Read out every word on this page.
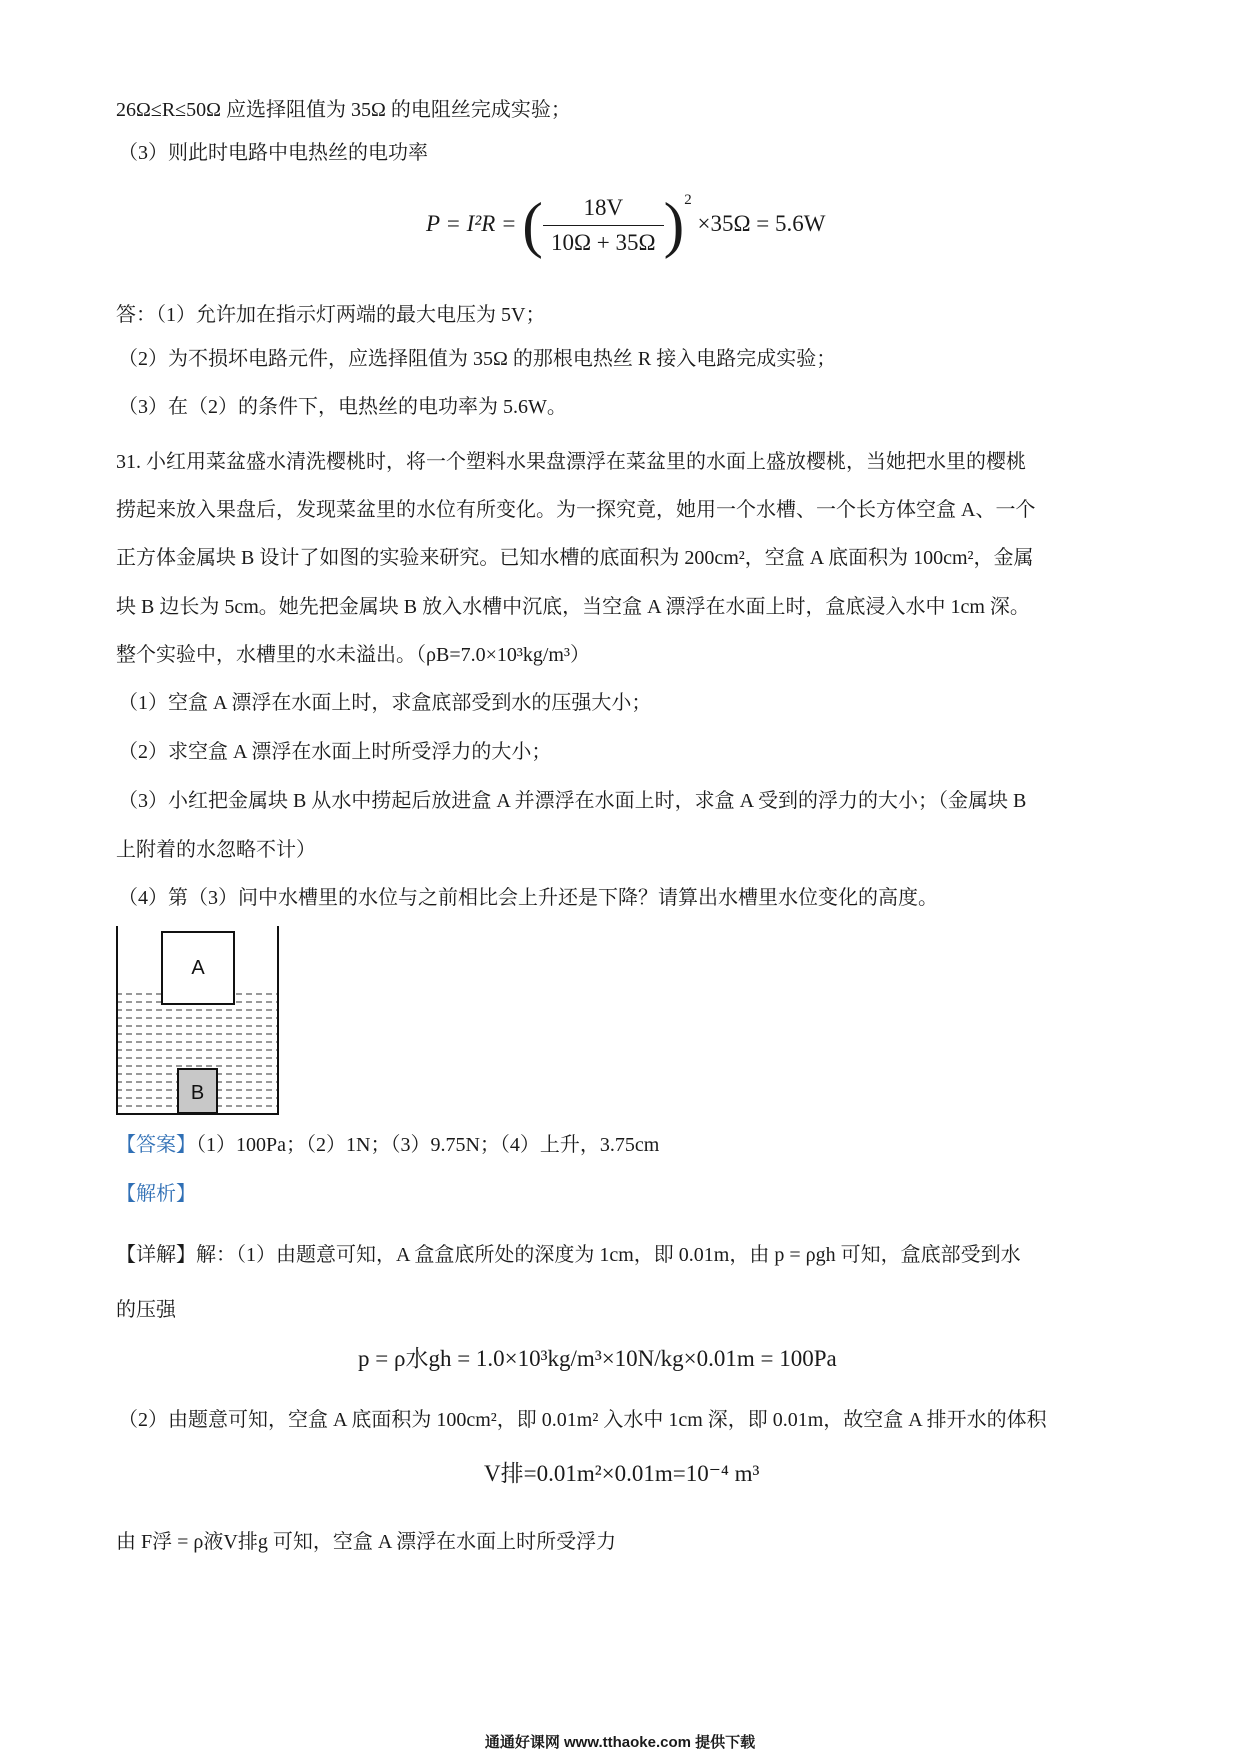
26Ω≤R≤50Ω 应选择阻值为 35Ω 的电阻丝完成实验；
（3）则此时电路中电热丝的电功率
P = I²R = ( $\frac{18V}{10\Omega + 35\Omega} )^2 \times 35\Omega = 5.6W$
答：（1）允许加在指示灯两端的最大电压为 5V；
（2）为不损坏电路元件，应选择阻值为 35Ω 的那根电热丝 R 接入电路完成实验；
（3）在（2）的条件下，电热丝的电功率为 5.6W。
31. 小红用菜盆盛水清洗樱桃时，将一个塑料水果盘漂浮在菜盆里的水面上盛放樱桃，当她把水里的樱桃
捞起来放入果盘后，发现菜盆里的水位有所变化。为一探究竟，她用一个水槽、一个长方体空盒 A、一个
正方体金属块 B 设计了如图的实验来研究。已知水槽的底面积为 200cm²，空盒 A 底面积为 100cm²，金属
块 B 边长为 5cm。她先把金属块 B 放入水槽中沉底，当空盒 A 漂浮在水面上时，盒底浸入水中 1cm 深。
整个实验中，水槽里的水未溢出。（ρB=7.0×10³kg/m³）
（1）空盒 A 漂浮在水面上时，求盒底部受到水的压强大小；
（2）求空盒 A 漂浮在水面上时所受浮力的大小；
（3）小红把金属块 B 从水中捞起后放进盒 A 并漂浮在水面上时，求盒 A 受到的浮力的大小；（金属块 B
上附着的水忽略不计）
（4）第（3）问中水槽里的水位与之前相比会上升还是下降？请算出水槽里水位变化的高度。
A
B
【答案】（1）100Pa；（2）1N；（3）9.75N；（4）上升，3.75cm
【解析】
【详解】解：（1）由题意可知，A 盒盒底所处的深度为 1cm，即 0.01m，由 p = ρgh 可知，盒底部受到水
的压强
p = ρ水gh = 1.0×10³kg/m³×10N/kg×0.01m = 100Pa
（2）由题意可知，空盒 A 底面积为 100cm²，即 0.01m² 入水中 1cm 深，即 0.01m，故空盒 A 排开水的体积
V排=0.01m²×0.01m=10⁻⁴ m³
由 F浮 = ρ液V排g 可知，空盒 A 漂浮在水面上时所受浮力
通通好课网 www.tthaoke.com 提供下载
